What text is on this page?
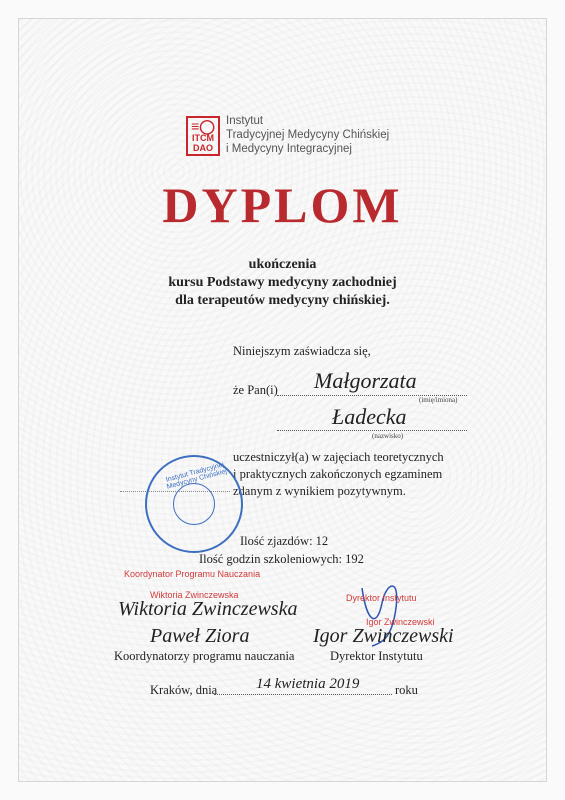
≡◯
ITCM
DAO
Instytut
Tradycyjnej Medycyny Chińskiej
i Medycyny Integracyjnej
DYPLOM
ukończenia
kursu Podstawy medycyny zachodniej
dla terapeutów medycyny chińskiej.
Niniejszym zaświadcza się,
że Pan(i) Małgorzata
(imię/imiona)
Ładecka
(nazwisko)
uczestniczył(a) w zajęciach teoretycznych
i praktycznych zakończonych egzaminem
zdanym z wynikiem pozytywnym.
Instytut Tradycyjnej Medycyny Chińskiej
Ilość zjazdów: 12
Ilość godzin szkoleniowych: 192
Koordynator Programu Nauczania
Wiktoria Zwinczewska
Wiktoria Zwinczewska
Paweł Ziora
Koordynatorzy programu nauczania
Dyrektor Instytutu
Igor Zwinczewski
Igor Zwinczewski
Dyrektor Instytutu
Kraków, dnia	14 kwietnia 2019	roku
